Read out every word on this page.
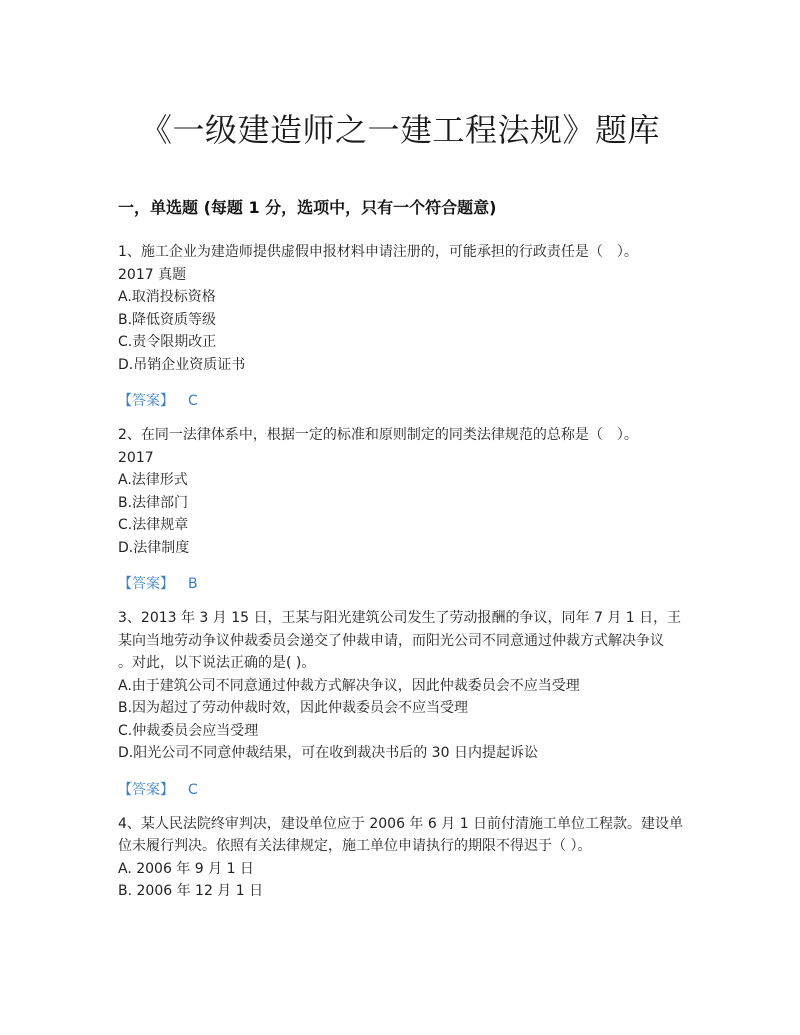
《一级建造师之一建工程法规》题库
一，单选题 (每题 1 分，选项中，只有一个符合题意)
1、施工企业为建造师提供虚假申报材料申请注册的，可能承担的行政责任是（　）。
2017 真题
A.取消投标资格
B.降低资质等级
C.责令限期改正
D.吊销企业资质证书
【答案】 C
2、在同一法律体系中，根据一定的标准和原则制定的同类法律规范的总称是（　）。
2017
A.法律形式
B.法律部门
C.法律规章
D.法律制度
【答案】 B
3、2013 年 3 月 15 日，王某与阳光建筑公司发生了劳动报酬的争议，同年 7 月 1 日，王
某向当地劳动争议仲裁委员会递交了仲裁申请，而阳光公司不同意通过仲裁方式解决争议
。对此，以下说法正确的是( )。
A.由于建筑公司不同意通过仲裁方式解决争议，因此仲裁委员会不应当受理
B.因为超过了劳动仲裁时效，因此仲裁委员会不应当受理
C.仲裁委员会应当受理
D.阳光公司不同意仲裁结果，可在收到裁决书后的 30 日内提起诉讼
【答案】 C
4、某人民法院终审判决，建设单位应于 2006 年 6 月 1 日前付清施工单位工程款。建设单
位未履行判决。依照有关法律规定，施工单位申请执行的期限不得迟于（ ）。
A. 2006 年 9 月 1 日
B. 2006 年 12 月 1 日
